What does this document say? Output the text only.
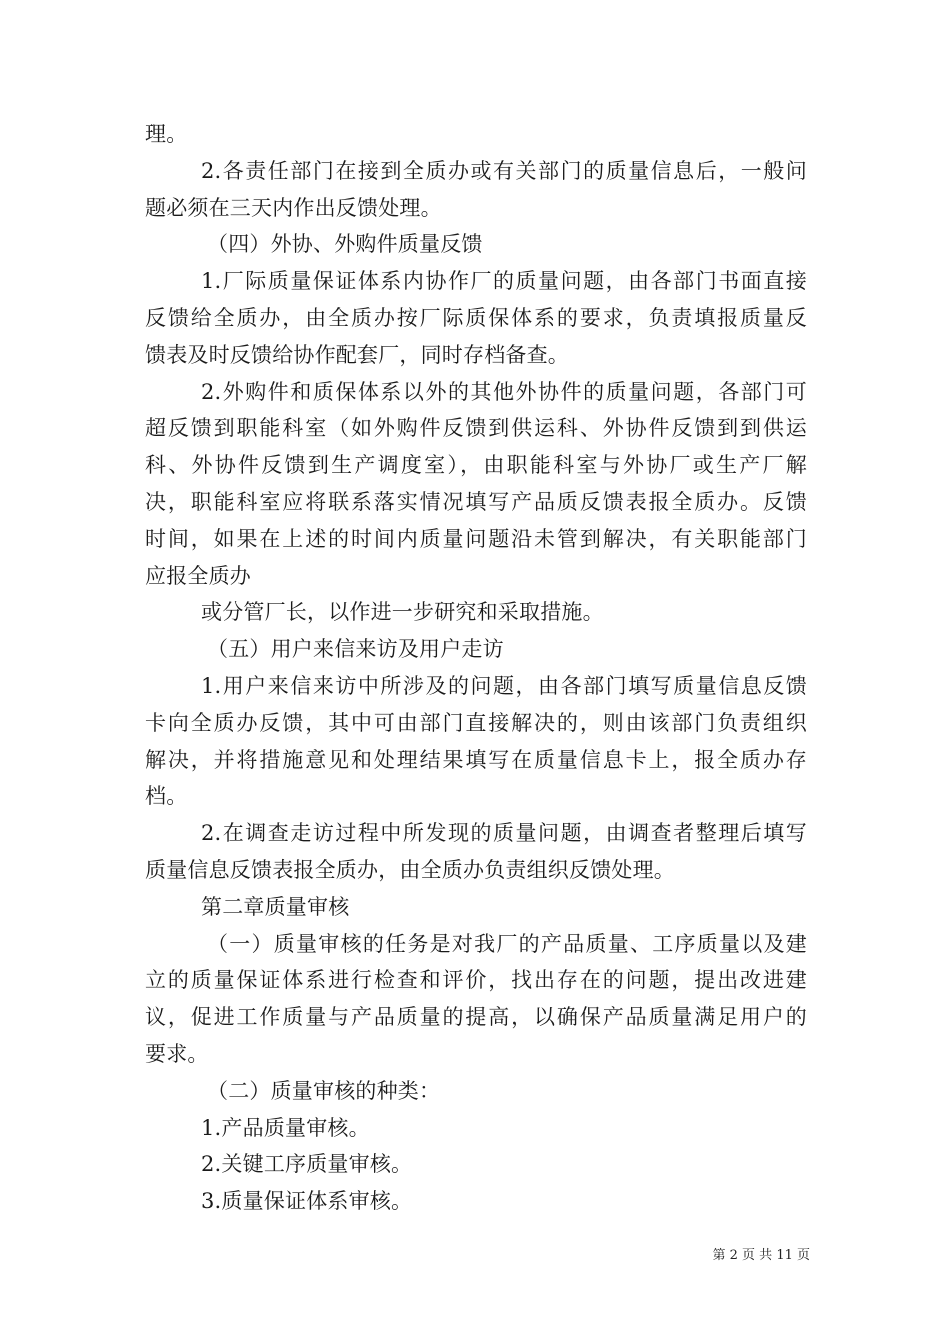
理。
2.各责任部门在接到全质办或有关部门的质量信息后，一般问
题必须在三天内作出反馈处理。
（四）外协、外购件质量反馈
1.厂际质量保证体系内协作厂的质量问题，由各部门书面直接
反馈给全质办，由全质办按厂际质保体系的要求，负责填报质量反
馈表及时反馈给协作配套厂，同时存档备查。
2.外购件和质保体系以外的其他外协件的质量问题，各部门可
超反馈到职能科室（如外购件反馈到供运科、外协件反馈到到供运
科、外协件反馈到生产调度室），由职能科室与外协厂或生产厂解
决，职能科室应将联系落实情况填写产品质反馈表报全质办。反馈
时间，如果在上述的时间内质量问题沿未管到解决，有关职能部门
应报全质办
或分管厂长，以作进一步研究和采取措施。
（五）用户来信来访及用户走访
1.用户来信来访中所涉及的问题，由各部门填写质量信息反馈
卡向全质办反馈，其中可由部门直接解决的，则由该部门负责组织
解决，并将措施意见和处理结果填写在质量信息卡上，报全质办存
档。
2.在调查走访过程中所发现的质量问题，由调查者整理后填写
质量信息反馈表报全质办，由全质办负责组织反馈处理。
第二章质量审核
（一）质量审核的任务是对我厂的产品质量、工序质量以及建
立的质量保证体系进行检查和评价，找出存在的问题，提出改进建
议，促进工作质量与产品质量的提高，以确保产品质量满足用户的
要求。
（二）质量审核的种类：
1.产品质量审核。
2.关键工序质量审核。
3.质量保证体系审核。
第 2 页 共 11 页
